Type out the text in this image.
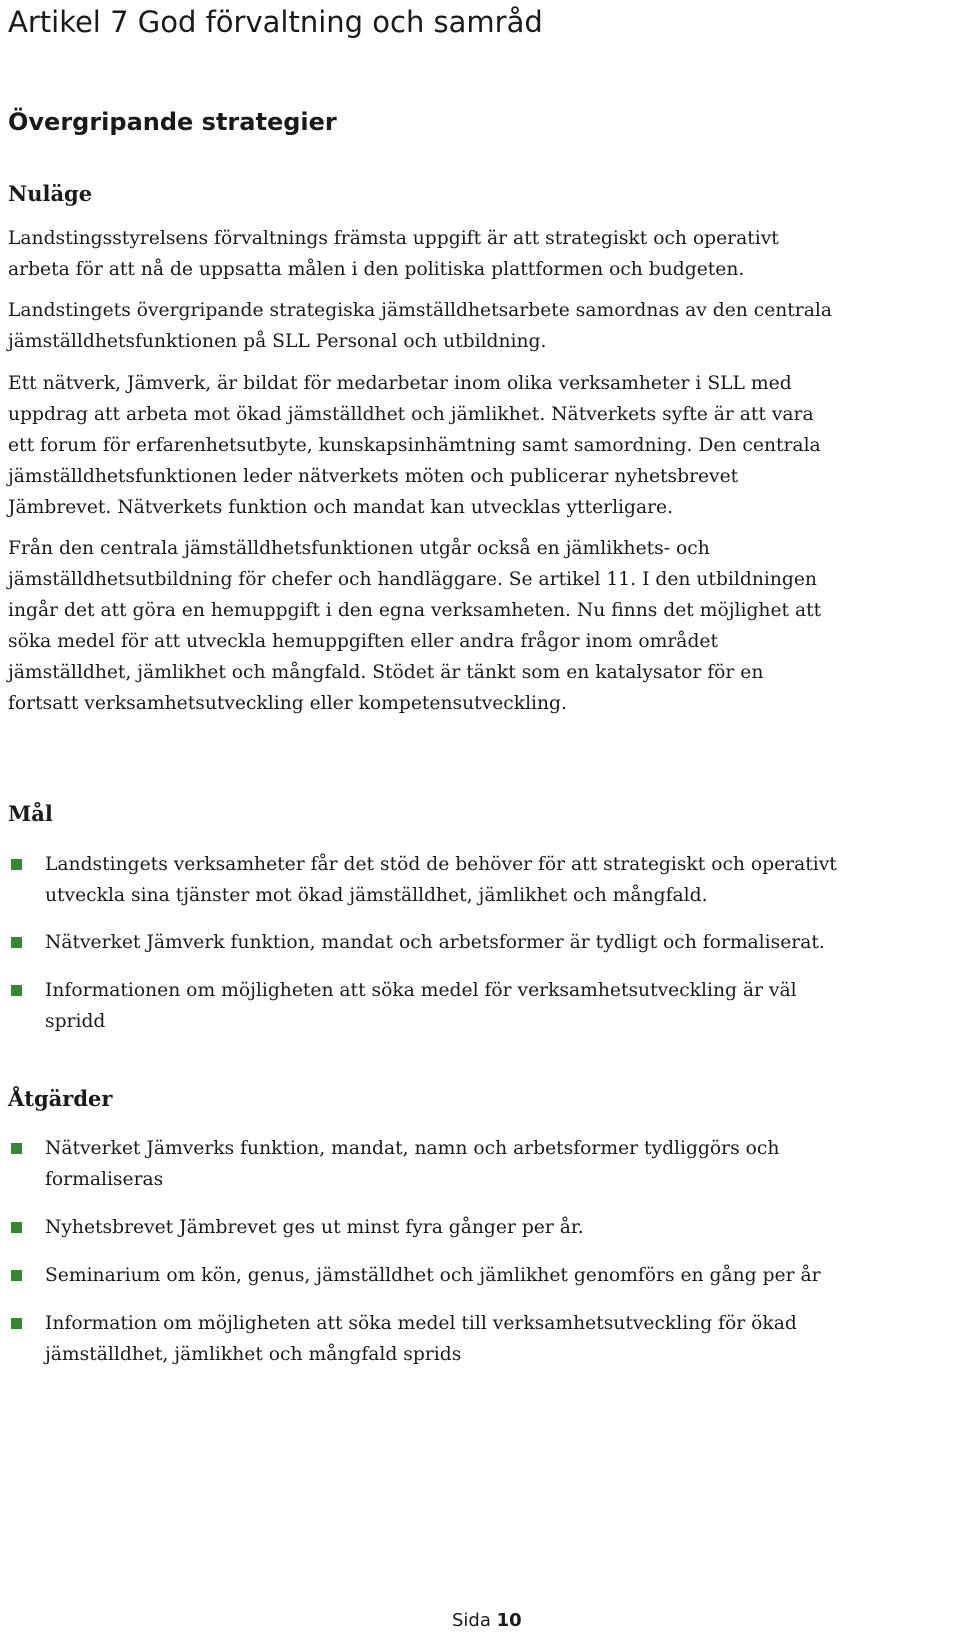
Artikel 7 God förvaltning och samråd
Övergripande strategier
Nuläge

Landstingsstyrelsens förvaltnings främsta uppgift är att strategiskt och operativt
arbeta för att nå de uppsatta målen i den politiska plattformen och budgeten.

Landstingets övergripande strategiska jämställdhetsarbete samordnas av den centrala
jämställdhetsfunktionen på SLL Personal och utbildning.

Ett nätverk, Jämverk, är bildat för medarbetar inom olika verksamheter i SLL med
uppdrag att arbeta mot ökad jämställdhet och jämlikhet. Nätverkets syfte är att vara
ett forum för erfarenhetsutbyte, kunskapsinhämtning samt samordning. Den centrala
jämställdhetsfunktionen leder nätverkets möten och publicerar nyhetsbrevet
Jämbrevet. Nätverkets funktion och mandat kan utvecklas ytterligare.

Från den centrala jämställdhetsfunktionen utgår också en jämlikhets- och
jämställdhetsutbildning för chefer och handläggare. Se artikel 11. I den utbildningen
ingår det att göra en hemuppgift i den egna verksamheten. Nu finns det möjlighet att
söka medel för att utveckla hemuppgiften eller andra frågor inom området
jämställdhet, jämlikhet och mångfald. Stödet är tänkt som en katalysator för en
fortsatt verksamhetsutveckling eller kompetensutveckling.

Mål
Landstingets verksamheter får det stöd de behöver för att strategiskt och operativt
utveckla sina tjänster mot ökad jämställdhet, jämlikhet och mångfald.
Nätverket Jämverk funktion, mandat och arbetsformer är tydligt och formaliserat.
Informationen om möjligheten att söka medel för verksamhetsutveckling är väl
spridd
Åtgärder
Nätverket Jämverks funktion, mandat, namn och arbetsformer tydliggörs och
formaliseras
Nyhetsbrevet Jämbrevet ges ut minst fyra gånger per år.
Seminarium om kön, genus, jämställdhet och jämlikhet genomförs en gång per år
Information om möjligheten att söka medel till verksamhetsutveckling för ökad
jämställdhet, jämlikhet och mångfald sprids
Sida 10
